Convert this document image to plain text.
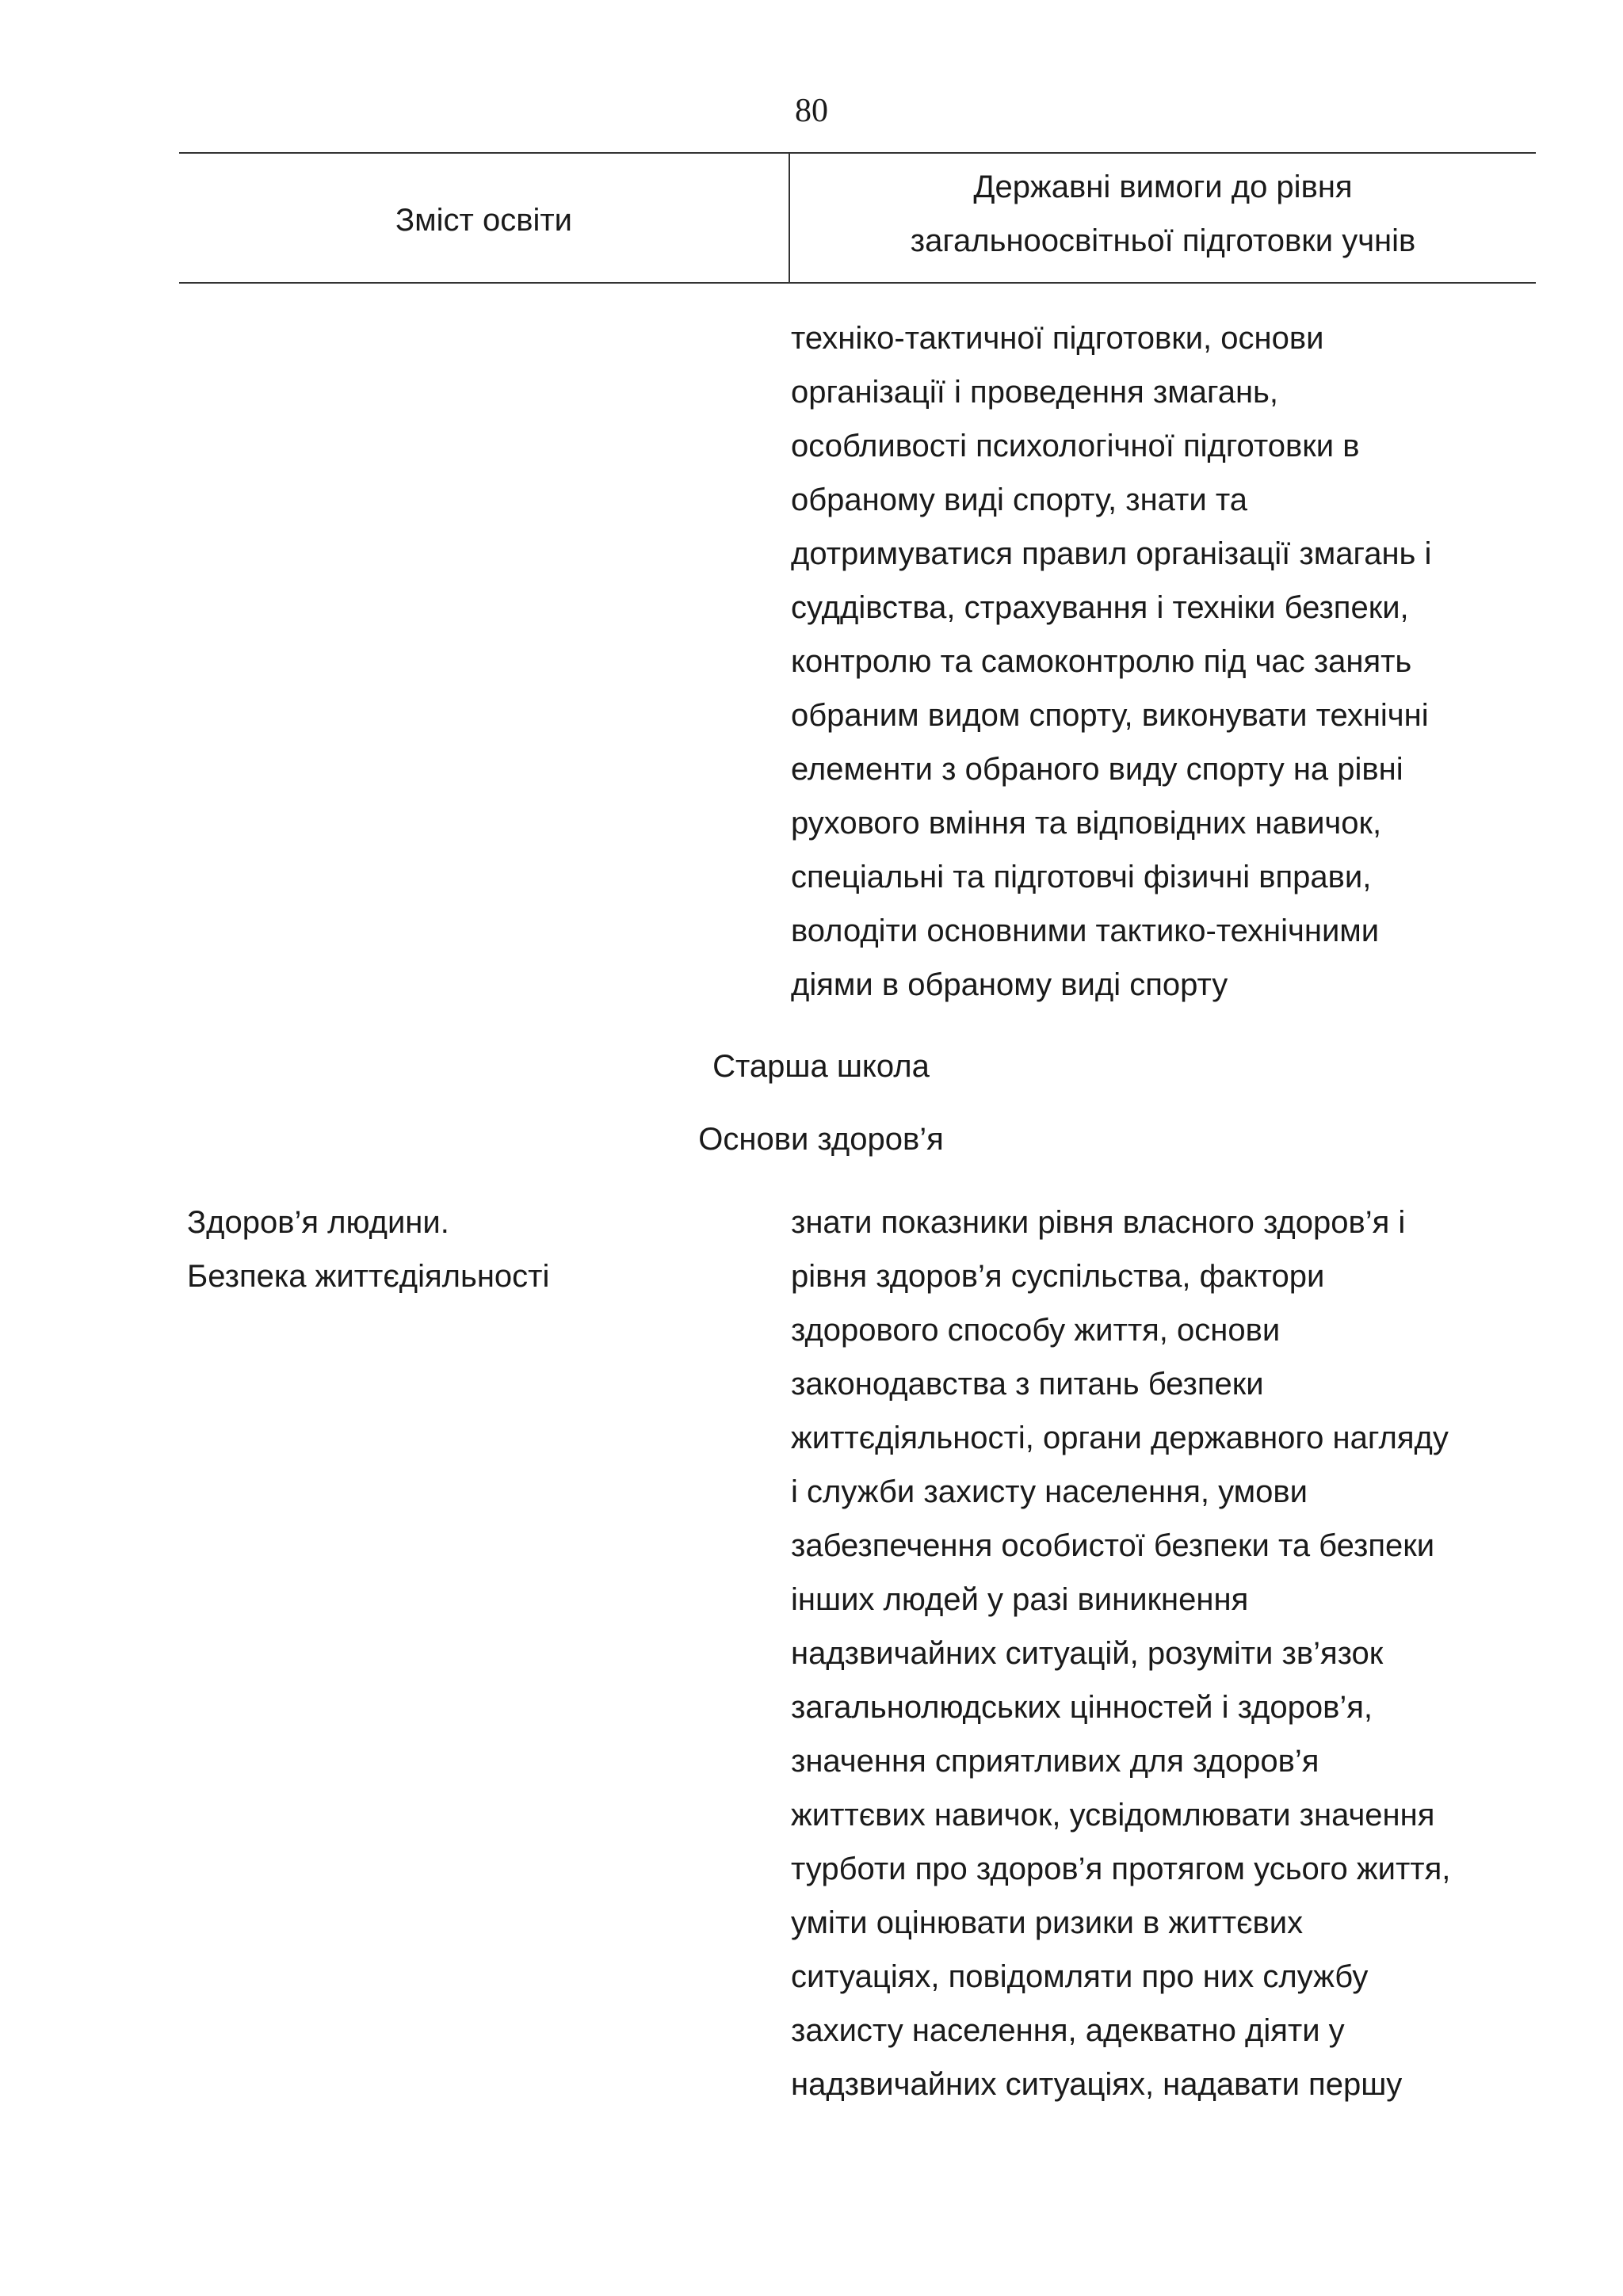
80
Зміст освіти
Державні вимоги до рівня
загальноосвітньої підготовки учнів
техніко-тактичної підготовки, основи
організації і проведення змагань,
особливості психологічної підготовки в
обраному виді спорту, знати та
дотримуватися правил організації змагань і
суддівства, страхування і техніки безпеки,
контролю та самоконтролю під час занять
обраним видом спорту, виконувати технічні
елементи з обраного виду спорту на рівні
рухового вміння та відповідних навичок,
спеціальні та підготовчі фізичні вправи,
володіти основними тактико-технічними
діями в обраному виді спорту
Старша школа
Основи здоров’я
Здоров’я людини.
Безпека життєдіяльності
знати показники рівня власного здоров’я і
рівня здоров’я суспільства, фактори
здорового способу життя, основи
законодавства з питань безпеки
життєдіяльності, органи державного нагляду
і служби захисту населення, умови
забезпечення особистої безпеки та безпеки
інших людей у разі виникнення
надзвичайних ситуацій, розуміти зв’язок
загальнолюдських цінностей і здоров’я,
значення сприятливих для здоров’я
життєвих навичок, усвідомлювати значення
турботи про здоров’я протягом усього життя,
уміти оцінювати ризики в життєвих
ситуаціях, повідомляти про них службу
захисту населення, адекватно діяти у
надзвичайних ситуаціях, надавати першу
